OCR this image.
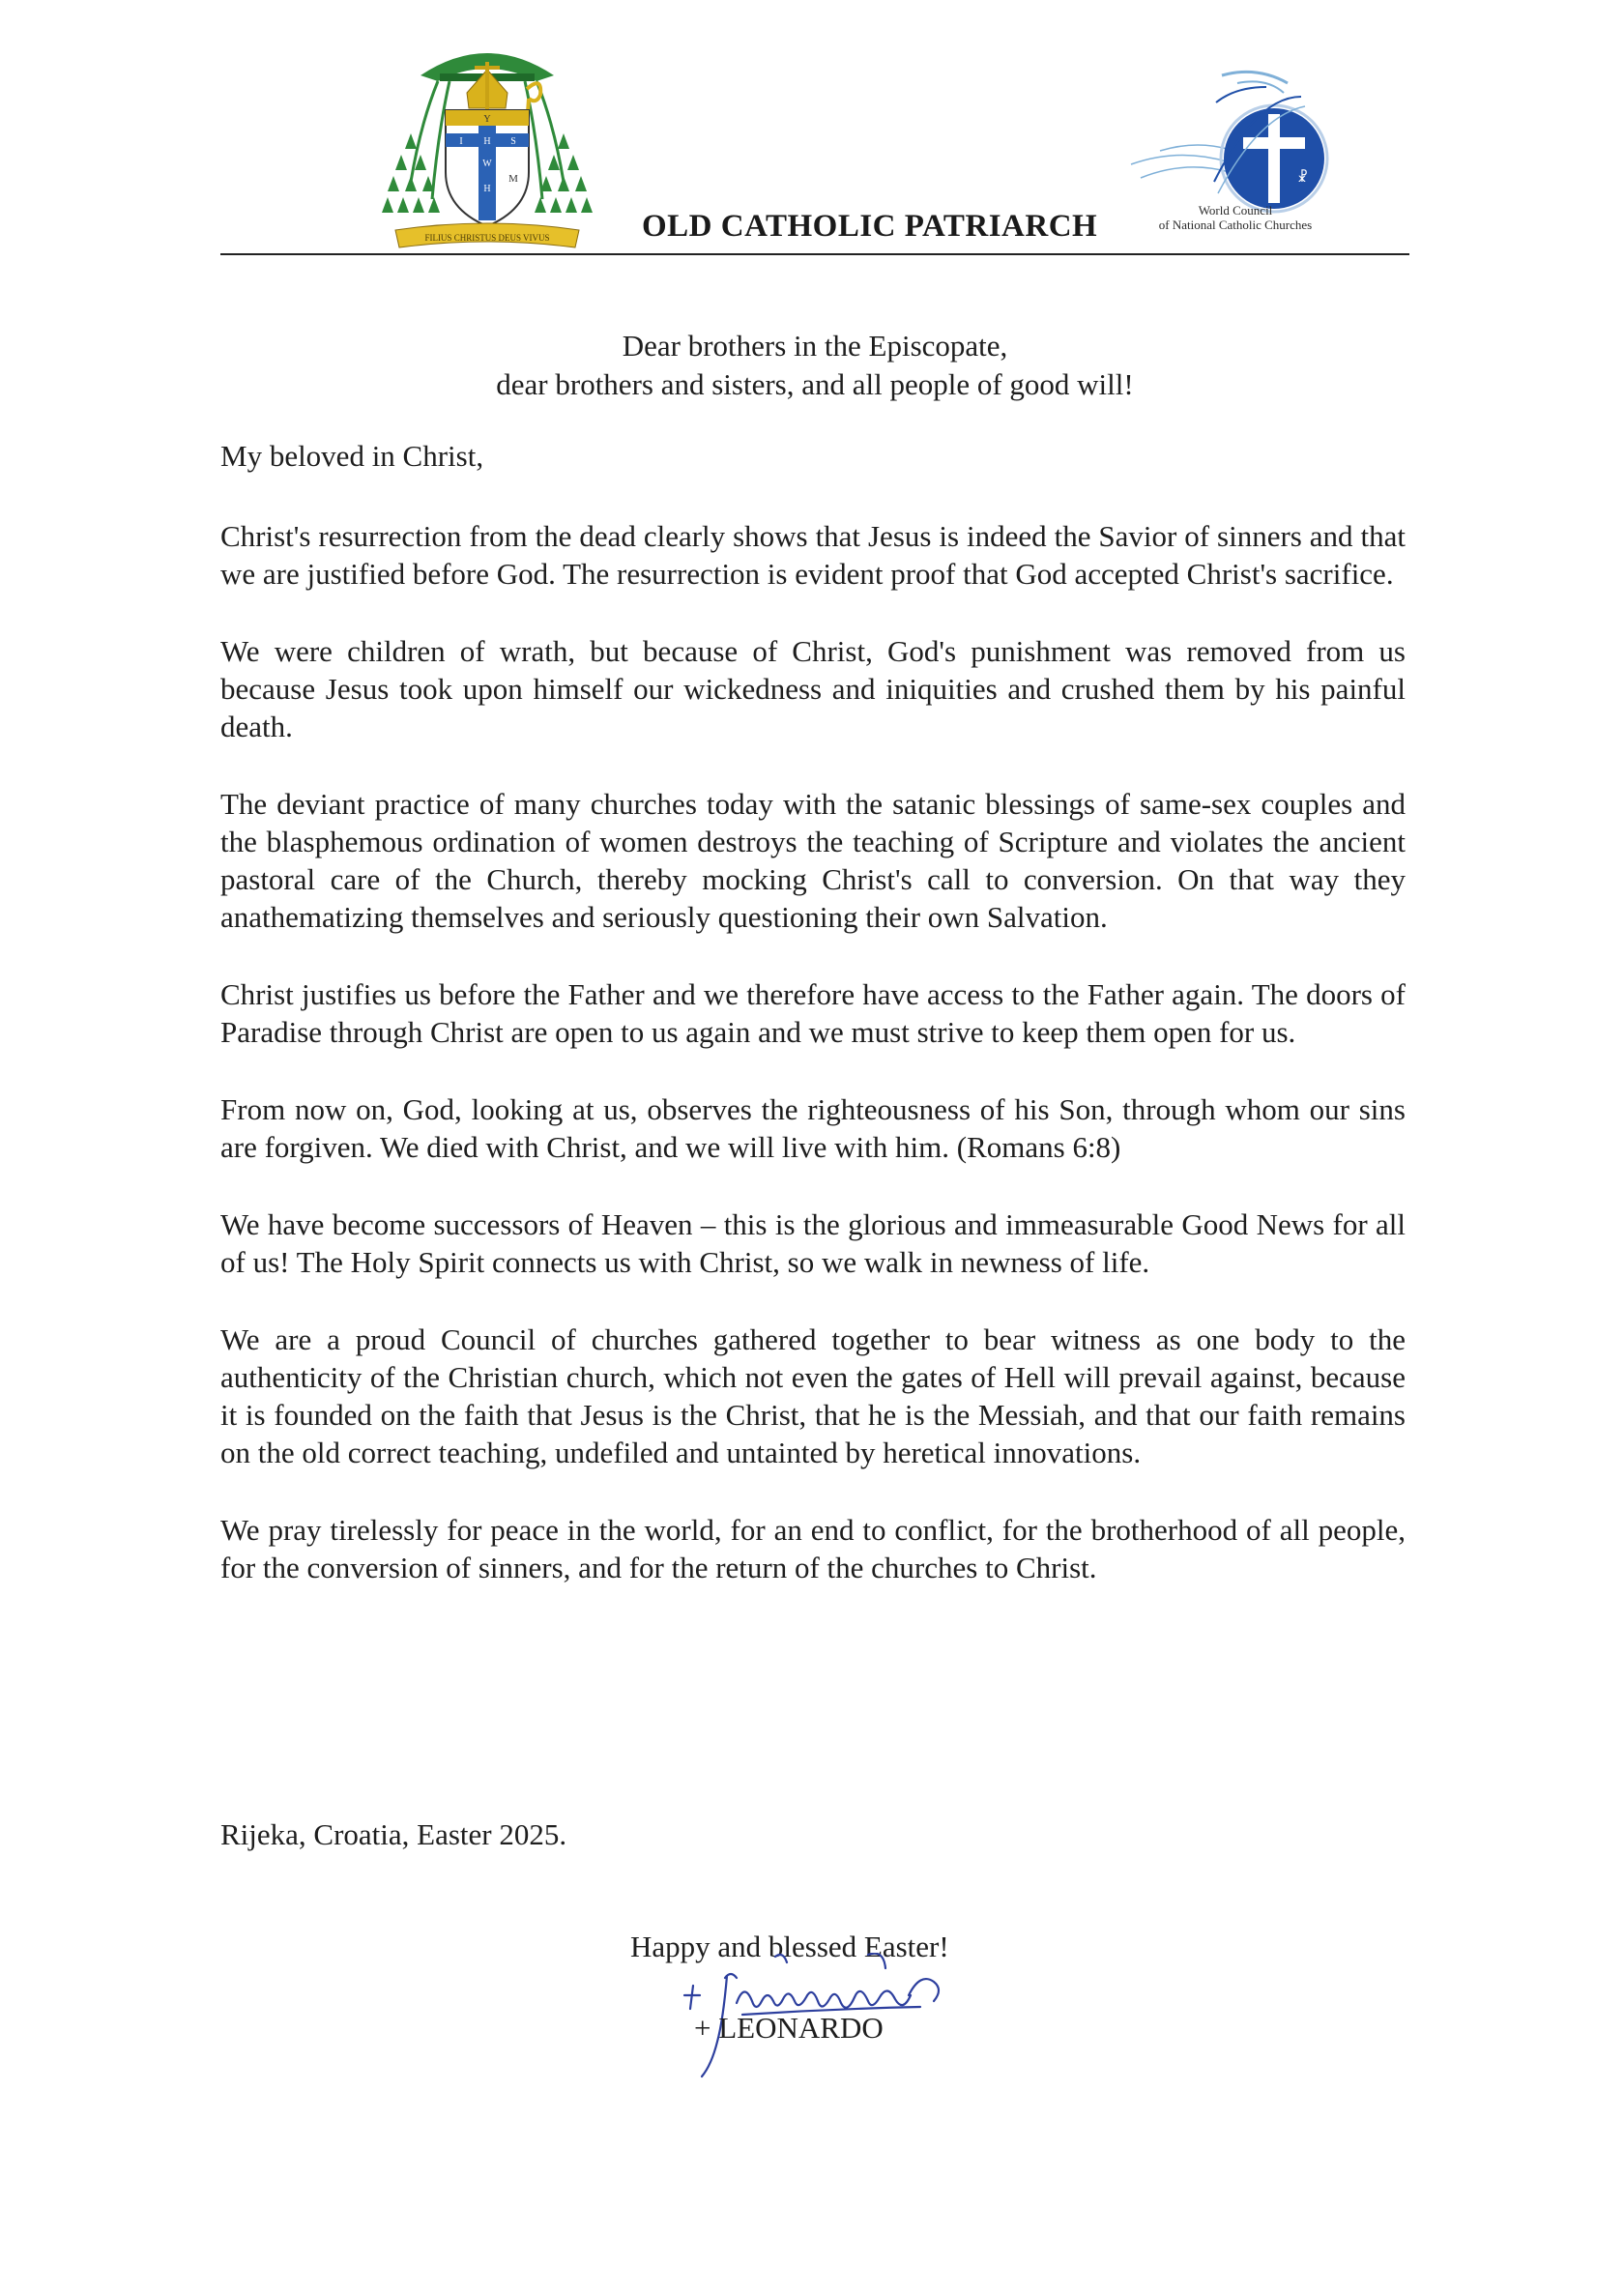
Y
I H S
W
H
M
FILIUS CHRISTUS DEUS VIVUS	OLD CATHOLIC PATRIARCH
☧
World Council
of National Catholic Churches
Dear brothers in the Episcopate,
dear brothers and sisters, and all people of good will!

My beloved in Christ,

Christ's resurrection from the dead clearly shows that Jesus is indeed the Savior of sinners and that we are justified before God. The resurrection is evident proof that God accepted Christ's sacrifice.

We were children of wrath, but because of Christ, God's punishment was removed from us because Jesus took upon himself our wickedness and iniquities and crushed them by his painful death.

The deviant practice of many churches today with the satanic blessings of same-sex couples and the blasphemous ordination of women destroys the teaching of Scripture and violates the ancient pastoral care of the Church, thereby mocking Christ's call to conversion. On that way they anathematizing themselves and seriously questioning their own Salvation.

Christ justifies us before the Father and we therefore have access to the Father again. The doors of Paradise through Christ are open to us again and we must strive to keep them open for us.

From now on, God, looking at us, observes the righteousness of his Son, through whom our sins are forgiven. We died with Christ, and we will live with him. (Romans 6:8)

We have become successors of Heaven – this is the glorious and immeasurable Good News for all of us! The Holy Spirit connects us with Christ, so we walk in newness of life.

We are a proud Council of churches gathered together to bear witness as one body to the authenticity of the Christian church, which not even the gates of Hell will prevail against, because it is founded on the faith that Jesus is the Christ, that he is the Messiah, and that our faith remains on the old correct teaching, undefiled and untainted by heretical innovations.

We pray tirelessly for peace in the world, for an end to conflict, for the brotherhood of all people, for the conversion of sinners, and for the return of the churches to Christ.

Rijeka, Croatia, Easter 2025.
Happy and blessed Easter!
+ LEONARDO
